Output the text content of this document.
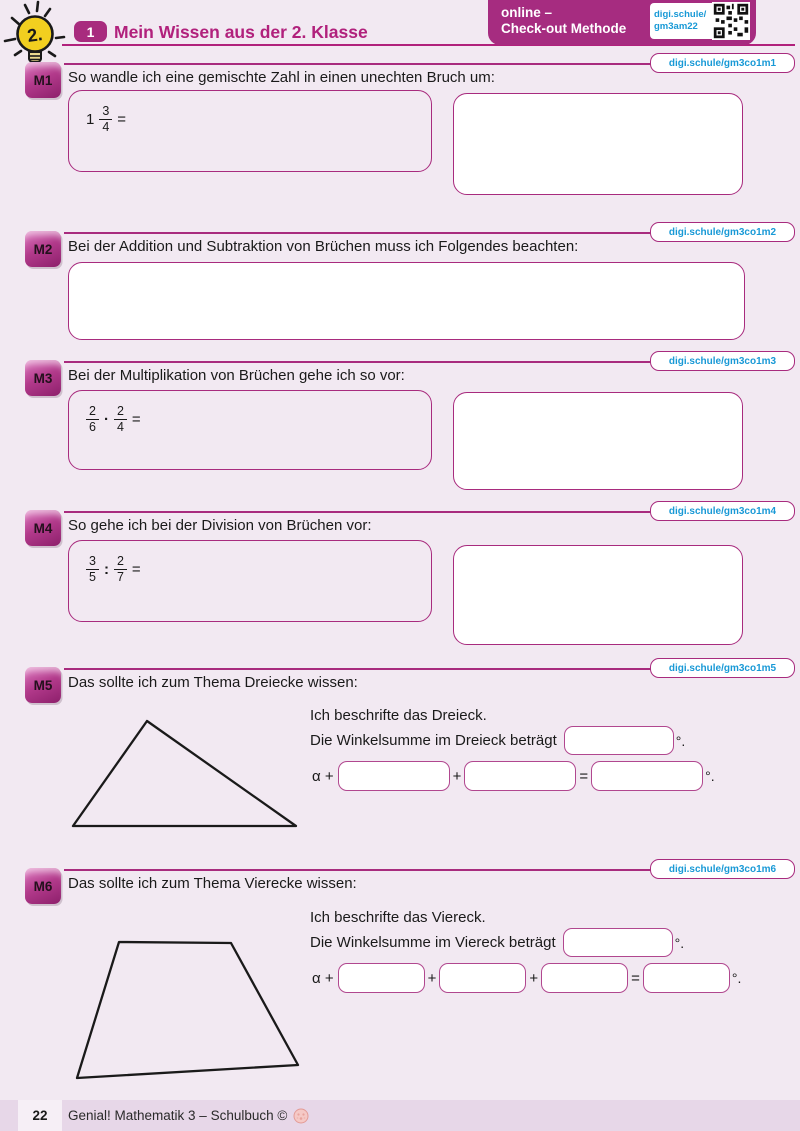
2.	1	Mein Wissen aus der 2. Klasse
online –
Check-out Methode
digi.schule/
gm3am22
digi.schule/gm3co1m1
M1	So wandle ich eine gemischte Zahl in einen unechten Bruch um:
$1 \frac{3}{4}$ =
digi.schule/gm3co1m2
M2	Bei der Addition und Subtraktion von Brüchen muss ich Folgendes beachten:
digi.schule/gm3co1m3
M3	Bei der Multiplikation von Brüchen gehe ich so vor:
$\frac{2}{6} \cdot \frac{2}{4}$ =
digi.schule/gm3co1m4
M4	So gehe ich bei der Division von Brüchen vor:
$\frac{3}{5}$ : $\frac{2}{7}$ =
digi.schule/gm3co1m5
M5	Das sollte ich zum Thema Dreiecke wissen:
Ich beschrifte das Dreieck.
Die Winkelsumme im Dreieck beträgt	°.
α +	+	=	°.
digi.schule/gm3co1m6
M6	Das sollte ich zum Thema Vierecke wissen:
Ich beschrifte das Viereck.
Die Winkelsumme im Viereck beträgt	°.
α +	+	+	=	°.
22	Genial! Mathematik 3 – Schulbuch ©
